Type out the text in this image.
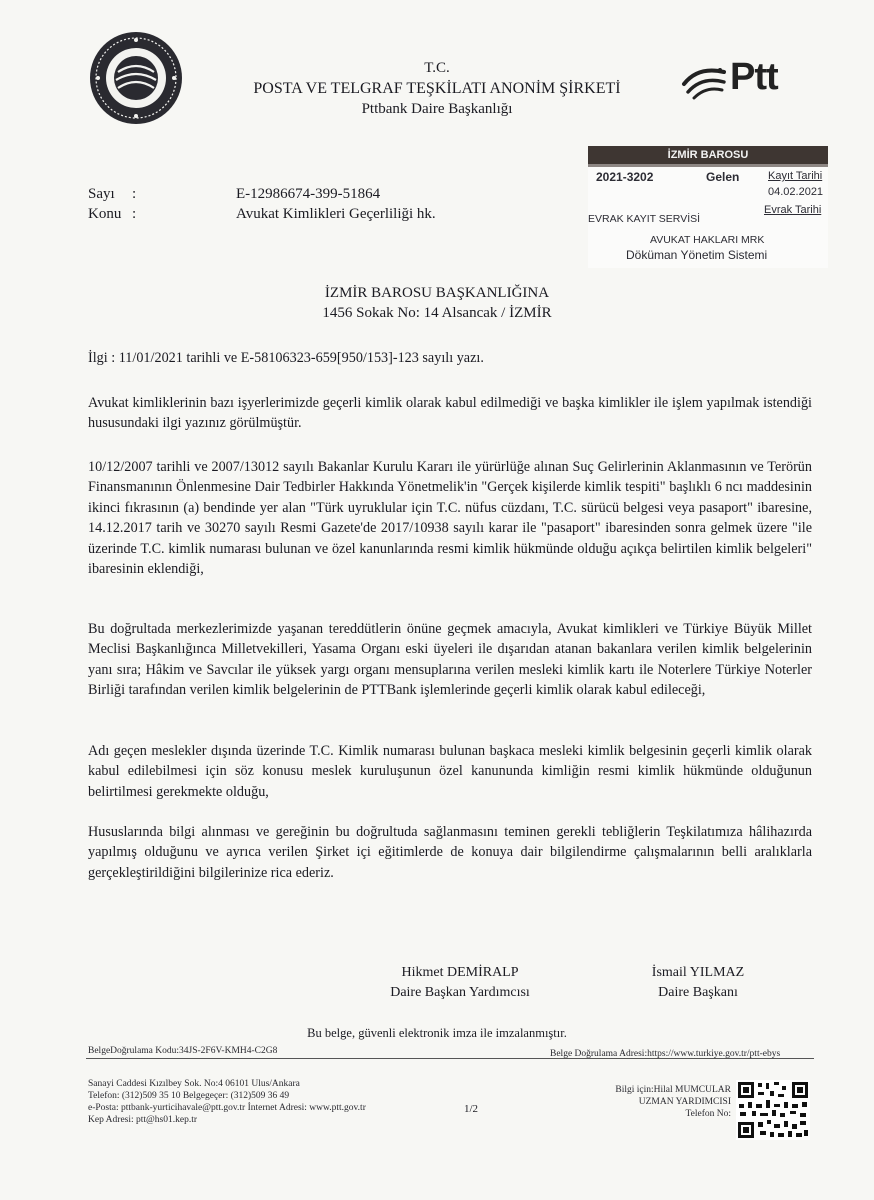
T.C.
POSTA VE TELGRAF TEŞKİLATI ANONİM ŞİRKETİ
Pttbank Daire Başkanlığı
Ptt
İZMİR BAROSU
2021-3202	Gelen	Kayıt Tarihi
04.02.2021
EVRAK KAYIT SERVİSİ
Evrak Tarihi
AVUKAT HAKLARI MRK
Döküman Yönetim Sistemi
Sayı :	E-12986674-399-51864
Konu :	Avukat Kimlikleri Geçerliliği hk.
İZMİR BAROSU BAŞKANLIĞINA
1456 Sokak No: 14 Alsancak / İZMİR
İlgi : 11/01/2021 tarihli ve E-58106323-659[950/153]-123 sayılı yazı.
Avukat kimliklerinin bazı işyerlerimizde geçerli kimlik olarak kabul edilmediği ve başka kimlikler ile işlem yapılmak istendiği hususundaki ilgi yazınız görülmüştür.
10/12/2007 tarihli ve 2007/13012 sayılı Bakanlar Kurulu Kararı ile yürürlüğe alınan Suç Gelirlerinin Aklanmasının ve Terörün Finansmanının Önlenmesine Dair Tedbirler Hakkında Yönetmelik'in "Gerçek kişilerde kimlik tespiti" başlıklı 6 ncı maddesinin ikinci fıkrasının (a) bendinde yer alan "Türk uyruklular için T.C. nüfus cüzdanı, T.C. sürücü belgesi veya pasaport" ibaresine, 14.12.2017 tarih ve 30270 sayılı Resmi Gazete'de 2017/10938 sayılı karar ile "pasaport" ibaresinden sonra gelmek üzere "ile üzerinde T.C. kimlik numarası bulunan ve özel kanunlarında resmi kimlik hükmünde olduğu açıkça belirtilen kimlik belgeleri" ibaresinin eklendiği,
Bu doğrultada merkezlerimizde yaşanan tereddütlerin önüne geçmek amacıyla, Avukat kimlikleri ve Türkiye Büyük Millet Meclisi Başkanlığınca Milletvekilleri, Yasama Organı eski üyeleri ile dışarıdan atanan bakanlara verilen kimlik belgelerinin yanı sıra; Hâkim ve Savcılar ile yüksek yargı organı mensuplarına verilen mesleki kimlik kartı ile Noterlere Türkiye Noterler Birliği tarafından verilen kimlik belgelerinin de PTTBank işlemlerinde geçerli kimlik olarak kabul edileceği,
Adı geçen meslekler dışında üzerinde T.C. Kimlik numarası bulunan başkaca mesleki kimlik belgesinin geçerli kimlik olarak kabul edilebilmesi için söz konusu meslek kuruluşunun özel kanununda kimliğin resmi kimlik hükmünde olduğunun belirtilmesi gerekmekte olduğu,
Hususlarında bilgi alınması ve gereğinin bu doğrultuda sağlanmasını teminen gerekli tebliğlerin Teşkilatımıza hâlihazırda yapılmış olduğunu ve ayrıca verilen Şirket içi eğitimlerde de konuya dair bilgilendirme çalışmalarının belli aralıklarla gerçekleştirildiğini bilgilerinize rica ederiz.
Hikmet DEMİRALP
Daire Başkan Yardımcısı
İsmail YILMAZ
Daire Başkanı
Bu belge, güvenli elektronik imza ile imzalanmıştır.
BelgeDoğrulama Kodu:34JS-2F6V-KMH4-C2G8	Belge Doğrulama Adresi:https://www.turkiye.gov.tr/ptt-ebys
Sanayi Caddesi Kızılbey Sok. No:4 06101 Ulus/Ankara
Telefon: (312)509 35 10 Belgegeçer: (312)509 36 49
e-Posta: pttbank-yurticihavale@ptt.gov.tr İnternet Adresi: www.ptt.gov.tr
Kep Adresi: ptt@hs01.kep.tr
1/2
Bilgi için:Hilal MUMCULAR
UZMAN YARDIMCISI
Telefon No:
